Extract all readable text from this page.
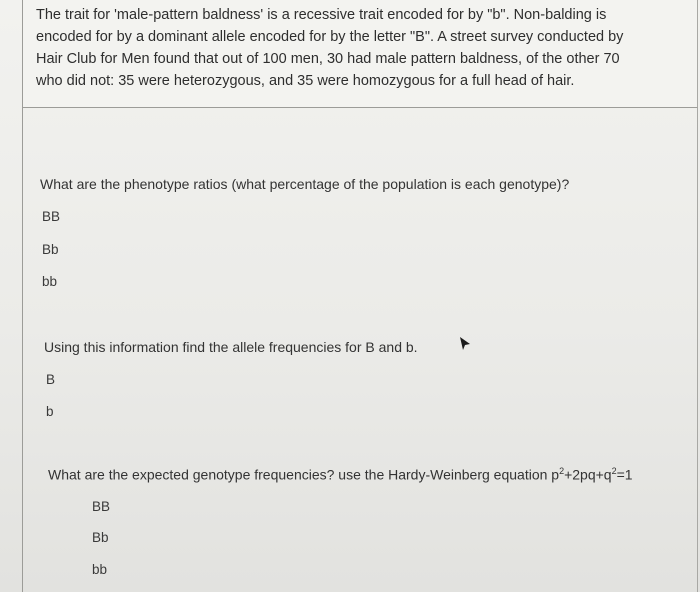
The trait for 'male-pattern baldness' is a recessive trait encoded for by "b". Non-balding is encoded for by a dominant allele encoded for by the letter "B". A street survey conducted by Hair Club for Men found that out of 100 men, 30 had male pattern baldness, of the other 70 who did not: 35 were heterozygous, and 35 were homozygous for a full head of hair.
What are the phenotype ratios (what percentage of the population is each genotype)?
BB
Bb
bb
Using this information find the allele frequencies for B and b.
B
b
What are the expected genotype frequencies? use the Hardy-Weinberg equation $p^2+2pq+q^2=1$
BB
Bb
bb
